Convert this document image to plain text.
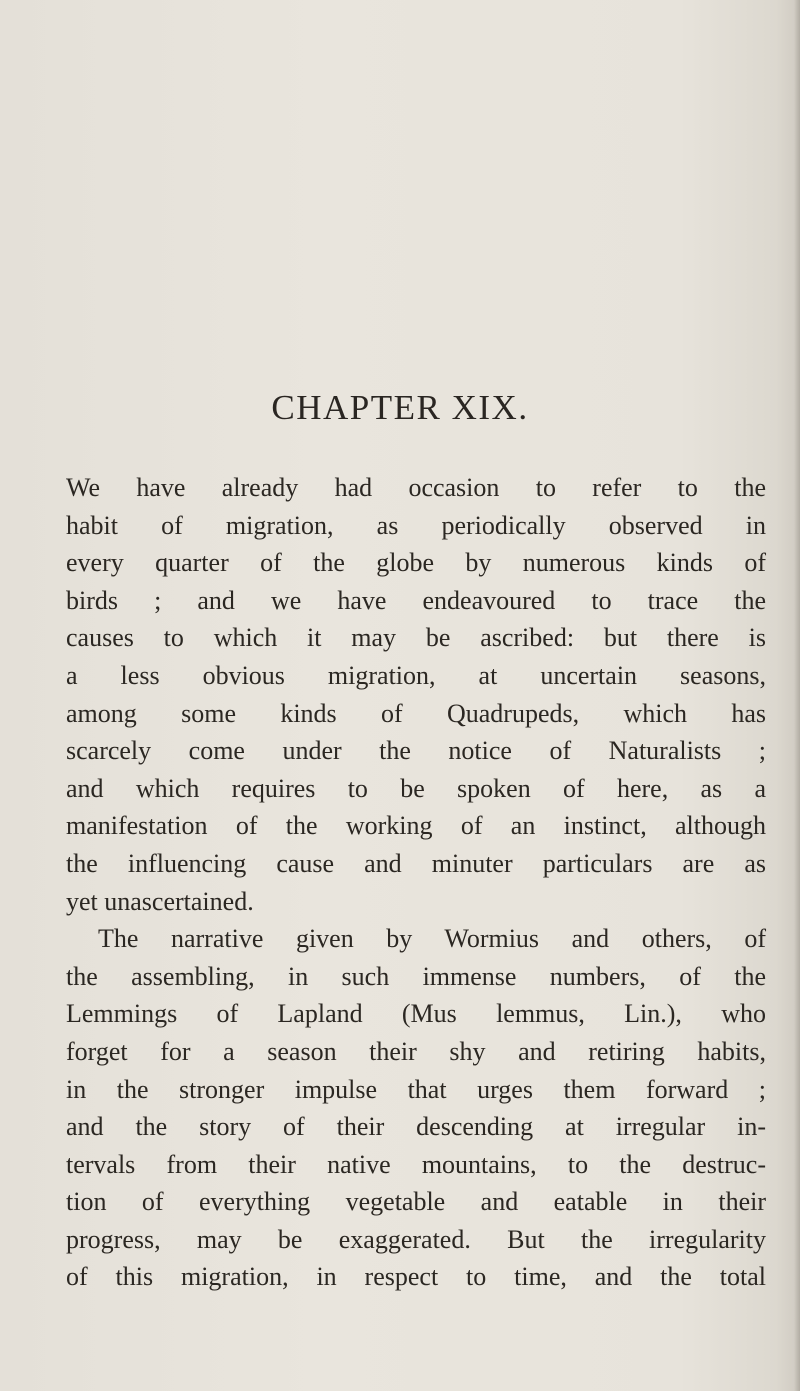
CHAPTER XIX.
We have already had occasion to refer to the
habit of migration, as periodically observed in
every quarter of the globe by numerous kinds of
birds ; and we have endeavoured to trace the
causes to which it may be ascribed: but there is
a less obvious migration, at uncertain seasons,
among some kinds of Quadrupeds, which has
scarcely come under the notice of Naturalists ;
and which requires to be spoken of here, as a
manifestation of the working of an instinct, although
the influencing cause and minuter particulars are as
yet unascertained.
The narrative given by Wormius and others, of
the assembling, in such immense numbers, of the
Lemmings of Lapland (Mus lemmus, Lin.), who
forget for a season their shy and retiring habits,
in the stronger impulse that urges them forward ;
and the story of their descending at irregular in-
tervals from their native mountains, to the destruc-
tion of everything vegetable and eatable in their
progress, may be exaggerated. But the irregularity
of this migration, in respect to time, and the total
